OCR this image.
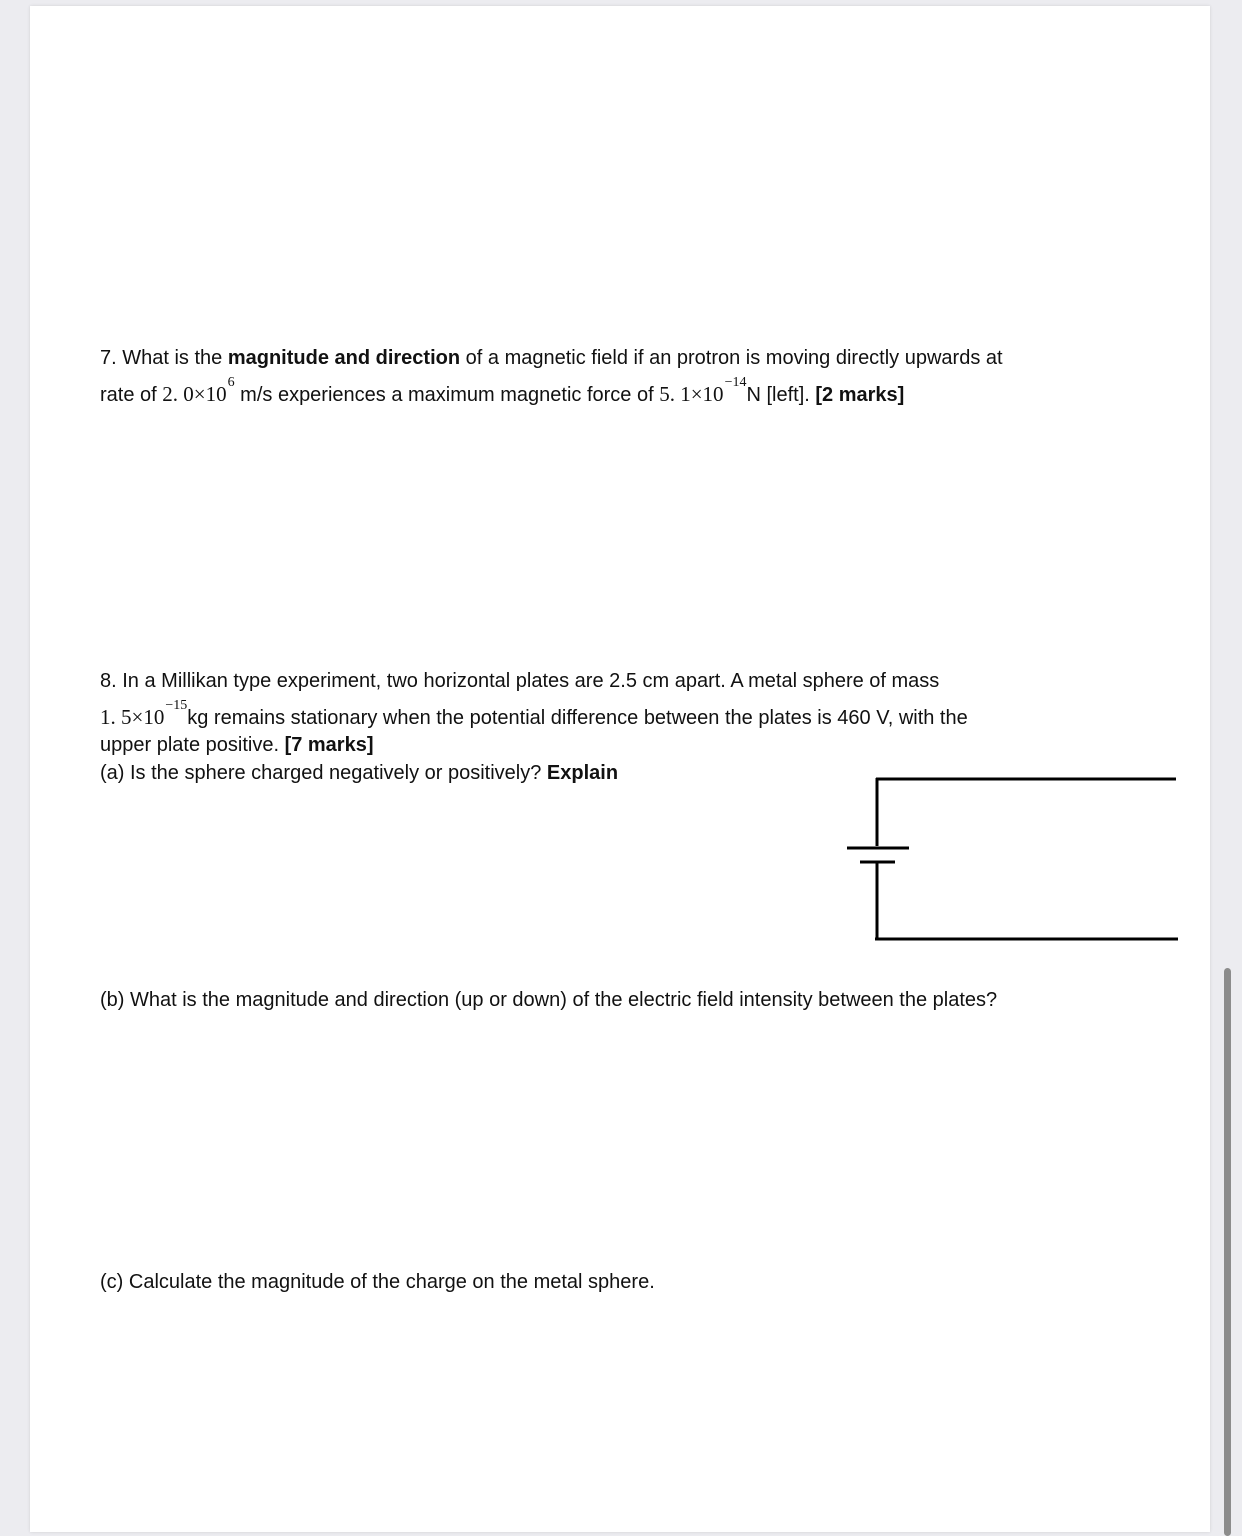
7. What is the magnitude and direction of a magnetic field if an protron is moving directly upwards at
rate of 2. $0\times 10^6$ m/s experiences a maximum magnetic force of 5. $1\times 10^{-14}N$ [left]. [2 marks]
8. In a Millikan type experiment, two horizontal plates are 2.5 cm apart. A metal sphere of mass
1. $5\times 10^{-15}kg$ remains stationary when the potential difference between the plates is 460 V, with the
upper plate positive. [7 marks]
(a) Is the sphere charged negatively or positively? Explain
(b) What is the magnitude and direction (up or down) of the electric field intensity between the plates?
(c) Calculate the magnitude of the charge on the metal sphere.
